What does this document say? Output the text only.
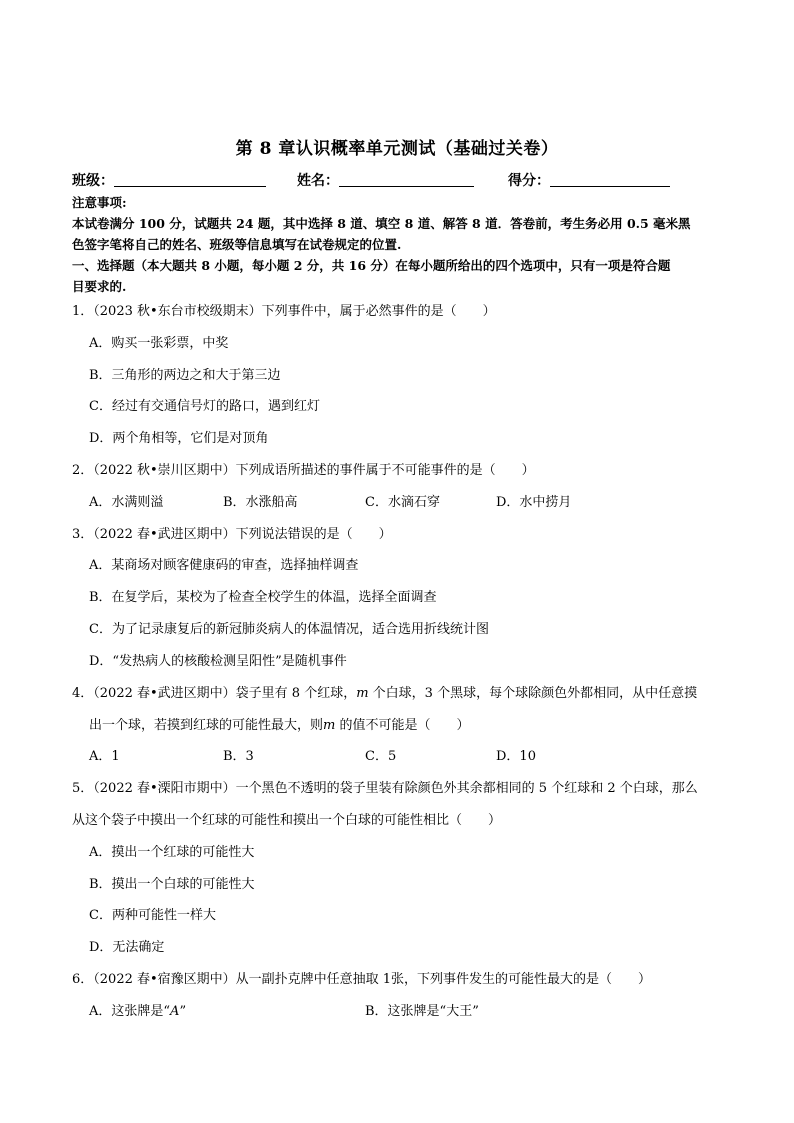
第 8 章认识概率单元测试（基础过关卷）
班级：	姓名：	得分：

注意事项:

本试卷满分 100 分，试题共 24 题，其中选择 8 道、填空 8 道、解答 8 道．答卷前，考生务必用 0.5 毫米黑

色签字笔将自己的姓名、班级等信息填写在试卷规定的位置.

一、选择题（本大题共 8 小题，每小题 2 分，共 16 分）在每小题所给出的四个选项中，只有一项是符合题

目要求的.

1．（2023 秋•东台市校级期末）下列事件中，属于必然事件的是（　　）
A．购买一张彩票，中奖
B．三角形的两边之和大于第三边
C．经过有交通信号灯的路口，遇到红灯
D．两个角相等，它们是对顶角
2．（2022 秋•崇川区期中）下列成语所描述的事件属于不可能事件的是（　　）
A．水满则溢	B．水涨船高	C．水滴石穿	D．水中捞月
3．（2022 春•武进区期中）下列说法错误的是（　　）
A．某商场对顾客健康码的审查，选择抽样调查
B．在复学后，某校为了检查全校学生的体温，选择全面调查
C．为了记录康复后的新冠肺炎病人的体温情况，适合选用折线统计图
D．“发热病人的核酸检测呈阳性”是随机事件
4．（2022 春•武进区期中）袋子里有 8 个红球，m 个白球，3 个黑球，每个球除颜色外都相同，从中任意摸
出一个球，若摸到红球的可能性最大，则m 的值不可能是（　　）
A．1	B．3	C．5	D．10
5．（2022 春•溧阳市期中）一个黑色不透明的袋子里装有除颜色外其余都相同的 5 个红球和 2 个白球，那么
从这个袋子中摸出一个红球的可能性和摸出一个白球的可能性相比（　　）
A．摸出一个红球的可能性大
B．摸出一个白球的可能性大
C．两种可能性一样大
D．无法确定
6．（2022 春•宿豫区期中）从一副扑克牌中任意抽取 1张，下列事件发生的可能性最大的是（　　）
A．这张牌是“A”	B．这张牌是“大王”
